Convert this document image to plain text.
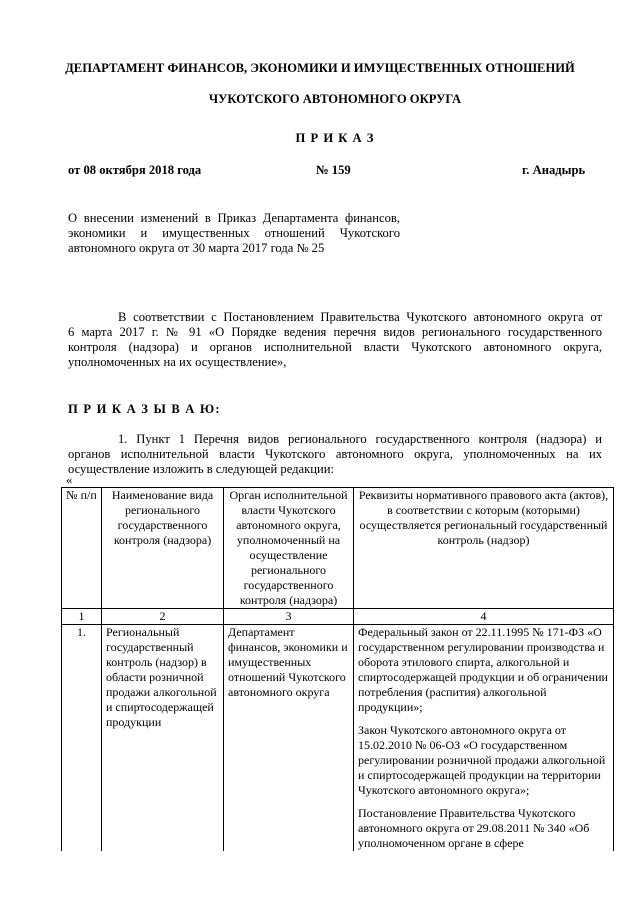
ДЕПАРТАМЕНТ ФИНАНСОВ, ЭКОНОМИКИ И ИМУЩЕСТВЕННЫХ ОТНОШЕНИЙ
ЧУКОТСКОГО АВТОНОМНОГО ОКРУГА
П Р И К А З
от 08 октября 2018 года	№ 159	г. Анадырь
О внесении изменений в Приказ Департамента финансов,
экономики и имущественных отношений Чукотского
автономного округа от 30 марта 2017 года № 25
В соответствии с Постановлением Правительства Чукотского автономного округа от
6 марта 2017 г. № 91 «О Порядке ведения перечня видов регионального государственного
контроля (надзора) и органов исполнительной власти Чукотского автономного округа,
уполномоченных на их осуществление»,
П Р И К А З Ы В А Ю:
1. Пункт 1 Перечня видов регионального государственного контроля (надзора) и
органов исполнительной власти Чукотского автономного округа, уполномоченных на их
осуществление изложить в следующей редакции:
«
№ п/п	Наименование вида регионального государственного контроля (надзора)	Орган исполнительной власти Чукотского автономного округа, уполномоченный на осуществление регионального государственного контроля (надзора)	Реквизиты нормативного правового акта (актов), в соответствии с которым (которыми) осуществляется региональный государственный контроль (надзор)
1	2	3	4
1.	Региональный государственный контроль (надзор) в области розничной продажи алкогольной и спиртосодержащей продукции	Департамент финансов, экономики и имущественных отношений Чукотского автономного округа	Федеральный закон от 22.11.1995 № 171-ФЗ «О государственном регулировании производства и оборота этилового спирта, алкогольной и спиртосодержащей продукции и об ограничении потребления (распития) алкогольной продукции»;
Закон Чукотского автономного округа от 15.02.2010 № 06-ОЗ «О государственном регулировании розничной продажи алкогольной и спиртосодержащей продукции на территории Чукотского автономного округа»;
Постановление Правительства Чукотского автономного округа от 29.08.2011 № 340 «Об уполномоченном органе в сфере
